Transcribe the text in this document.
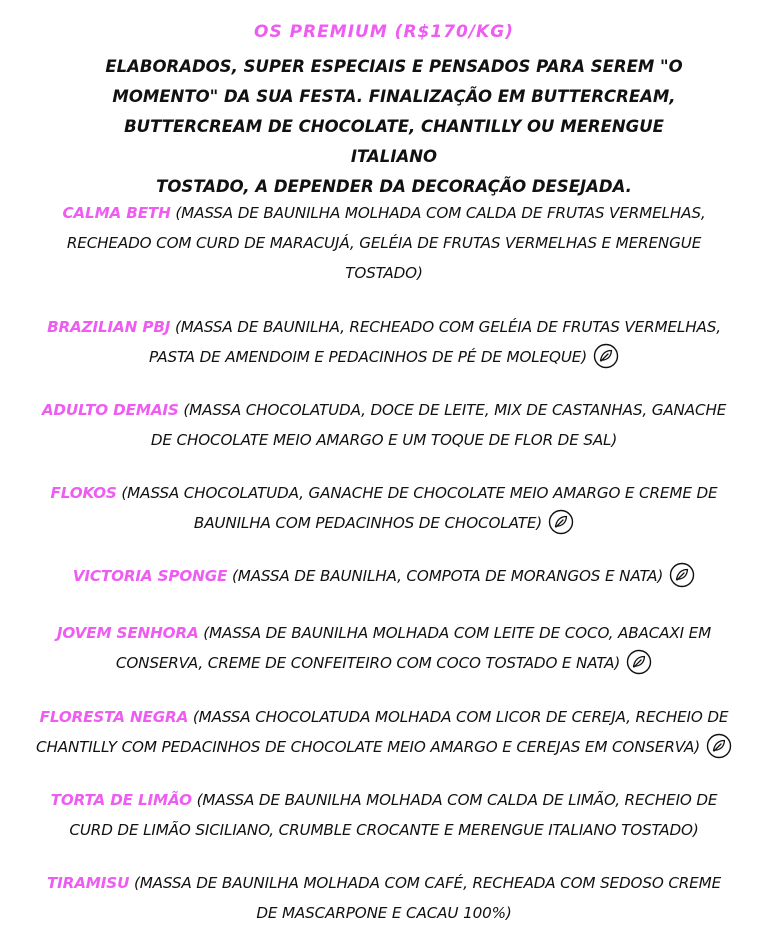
OS PREMIUM (R$170/KG)
ELABORADOS, SUPER ESPECIAIS E PENSADOS PARA SEREM "O
MOMENTO" DA SUA FESTA. FINALIZAÇÃO EM BUTTERCREAM,
BUTTERCREAM DE CHOCOLATE, CHANTILLY OU MERENGUE ITALIANO
TOSTADO, A DEPENDER DA DECORAÇÃO DESEJADA.
CALMA BETH (MASSA DE BAUNILHA MOLHADA COM CALDA DE FRUTAS VERMELHAS,
RECHEADO COM CURD DE MARACUJÁ, GELÉIA DE FRUTAS VERMELHAS E MERENGUE
TOSTADO)
BRAZILIAN PBJ (MASSA DE BAUNILHA, RECHEADO COM GELÉIA DE FRUTAS VERMELHAS,
PASTA DE AMENDOIM E PEDACINHOS DE PÉ DE MOLEQUE)
ADULTO DEMAIS (MASSA CHOCOLATUDA, DOCE DE LEITE, MIX DE CASTANHAS, GANACHE
DE CHOCOLATE MEIO AMARGO E UM TOQUE DE FLOR DE SAL)
FLOKOS (MASSA CHOCOLATUDA, GANACHE DE CHOCOLATE MEIO AMARGO E CREME DE
BAUNILHA COM PEDACINHOS DE CHOCOLATE)
VICTORIA SPONGE (MASSA DE BAUNILHA, COMPOTA DE MORANGOS E NATA)
JOVEM SENHORA (MASSA DE BAUNILHA MOLHADA COM LEITE DE COCO, ABACAXI EM
CONSERVA, CREME DE CONFEITEIRO COM COCO TOSTADO E NATA)
FLORESTA NEGRA (MASSA CHOCOLATUDA MOLHADA COM LICOR DE CEREJA, RECHEIO DE
CHANTILLY COM PEDACINHOS DE CHOCOLATE MEIO AMARGO E CEREJAS EM CONSERVA)
TORTA DE LIMÃO (MASSA DE BAUNILHA MOLHADA COM CALDA DE LIMÃO, RECHEIO DE
CURD DE LIMÃO SICILIANO, CRUMBLE CROCANTE E MERENGUE ITALIANO TOSTADO)
TIRAMISU (MASSA DE BAUNILHA MOLHADA COM CAFÉ, RECHEADA COM SEDOSO CREME
DE MASCARPONE E CACAU 100%)
